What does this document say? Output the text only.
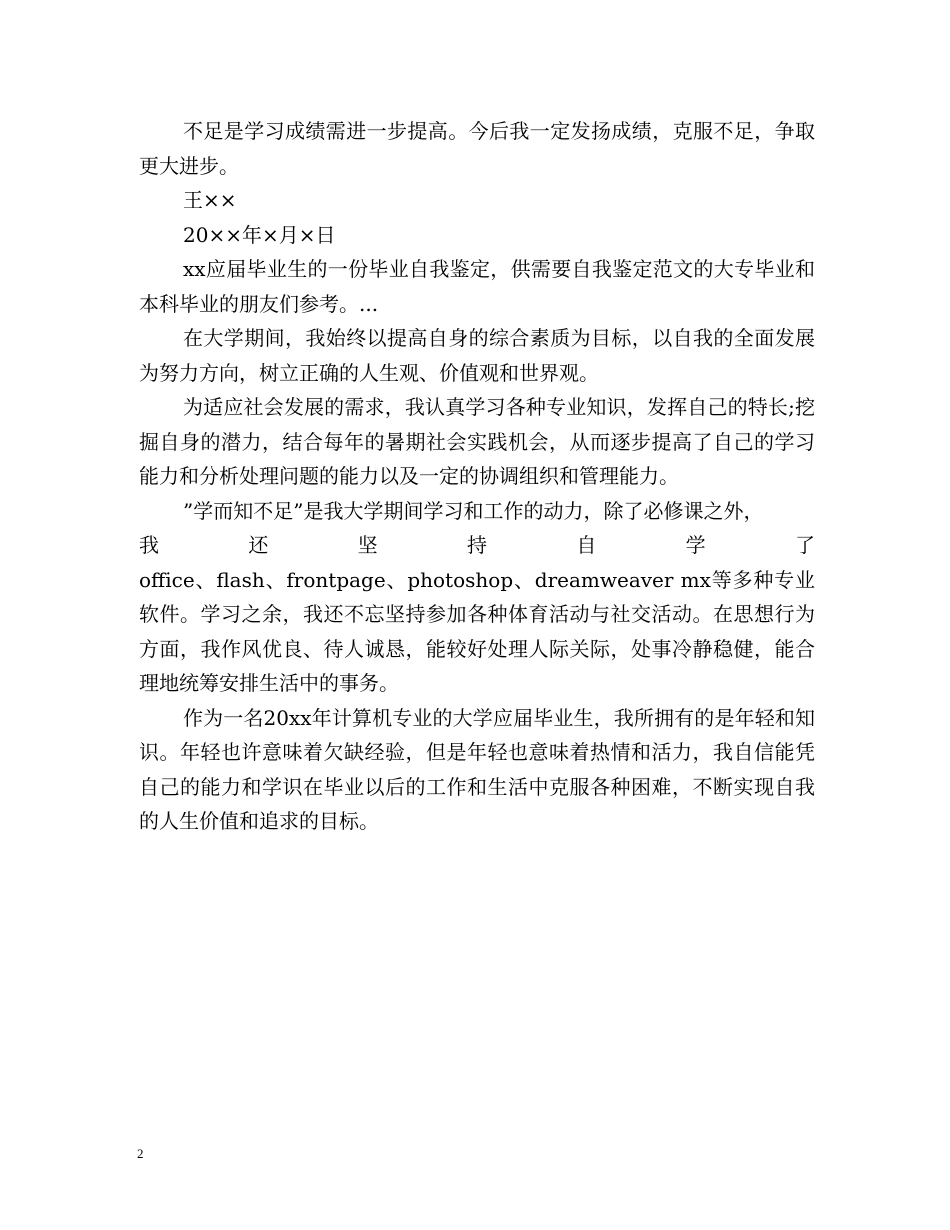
不足是学习成绩需进一步提高。今后我一定发扬成绩，克服不足，争取更大进步。

王××

20××年×月×日

xx应届毕业生的一份毕业自我鉴定，供需要自我鉴定范文的大专毕业和本科毕业的朋友们参考。...

在大学期间，我始终以提高自身的综合素质为目标，以自我的全面发展为努力方向，树立正确的人生观、价值观和世界观。

为适应社会发展的需求，我认真学习各种专业知识，发挥自己的特长;挖掘自身的潜力，结合每年的暑期社会实践机会，从而逐步提高了自己的学习能力和分析处理问题的能力以及一定的协调组织和管理能力。

”学而知不足”是我大学期间学习和工作的动力，除了必修课之外，

我　　还　　坚　　持　　自　　学　　了

office、flash、frontpage、photoshop、dreamweaver mx等多种专业软件。学习之余，我还不忘坚持参加各种体育活动与社交活动。在思想行为方面，我作风优良、待人诚恳，能较好处理人际关际，处事冷静稳健，能合理地统筹安排生活中的事务。

作为一名20xx年计算机专业的大学应届毕业生，我所拥有的是年轻和知识。年轻也许意味着欠缺经验，但是年轻也意味着热情和活力，我自信能凭自己的能力和学识在毕业以后的工作和生活中克服各种困难，不断实现自我的人生价值和追求的目标。

2
